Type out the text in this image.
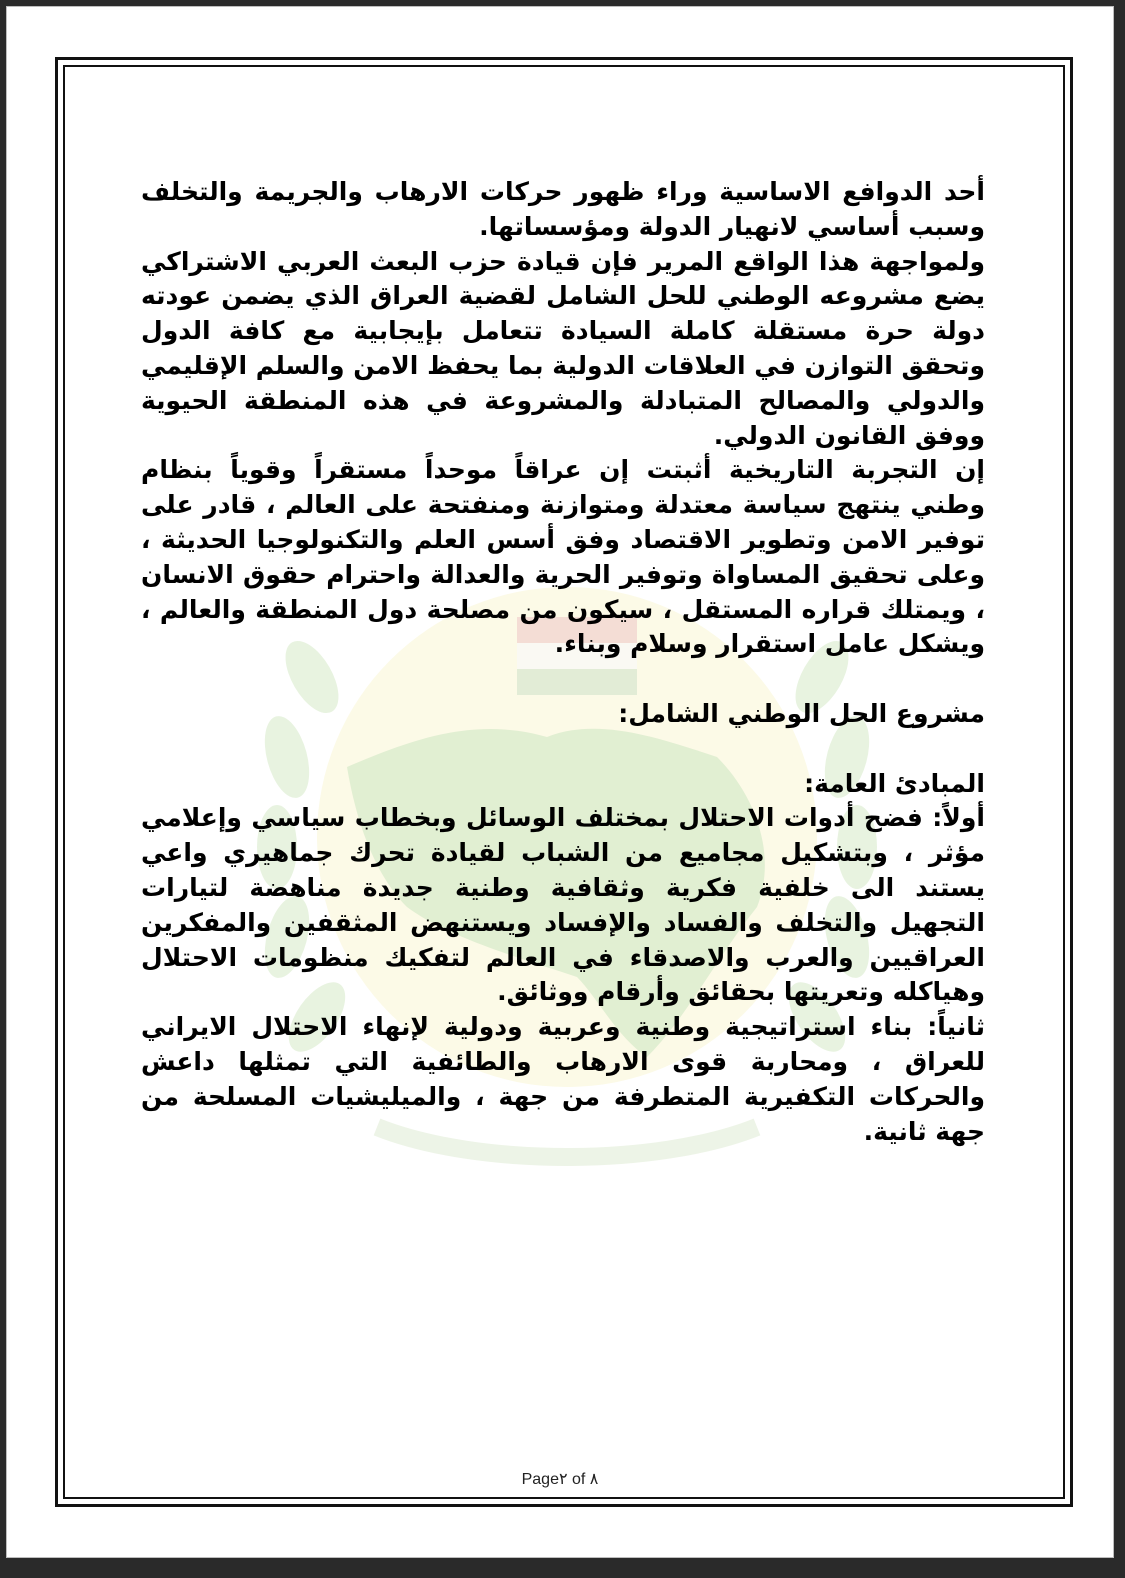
أحد الدوافع الاساسية وراء ظهور حركات الارهاب والجريمة والتخلف وسبب أساسي لانهيار الدولة ومؤسساتها.

ولمواجهة هذا الواقع المرير فإن قيادة حزب البعث العربي الاشتراكي يضع مشروعه الوطني للحل الشامل لقضية العراق الذي يضمن عودته دولة حرة مستقلة كاملة السيادة تتعامل بإيجابية مع كافة الدول وتحقق التوازن في العلاقات الدولية بما يحفظ الامن والسلم الإقليمي والدولي والمصالح المتبادلة والمشروعة في هذه المنطقة الحيوية ووفق القانون الدولي.

إن التجربة التاريخية أثبتت إن عراقاً موحداً مستقراً وقوياً بنظام وطني ينتهج سياسة معتدلة ومتوازنة ومنفتحة على العالم ، قادر على توفير الامن وتطوير الاقتصاد وفق أسس العلم والتكنولوجيا الحديثة ، وعلى تحقيق المساواة وتوفير الحرية والعدالة واحترام حقوق الانسان ، ويمتلك قراره المستقل ، سيكون من مصلحة دول المنطقة والعالم ، ويشكل عامل استقرار وسلام وبناء.

مشروع الحل الوطني الشامل:

المبادئ العامة:

أولاً: فضح أدوات الاحتلال بمختلف الوسائل وبخطاب سياسي وإعلامي مؤثر ، وبتشكيل مجاميع من الشباب لقيادة تحرك جماهيري واعي يستند الى خلفية فكرية وثقافية وطنية جديدة مناهضة لتيارات التجهيل والتخلف والفساد والإفساد ويستنهض المثقفين والمفكرين العراقيين والعرب والاصدقاء في العالم لتفكيك منظومات الاحتلال وهياكله وتعريتها بحقائق وأرقام ووثائق.

ثانياً: بناء استراتيجية وطنية وعربية ودولية لإنهاء الاحتلال الايراني للعراق ، ومحاربة قوى الارهاب والطائفية التي تمثلها داعش والحركات التكفيرية المتطرفة من جهة ، والميليشيات المسلحة من جهة ثانية.

Page٢ of ٨
